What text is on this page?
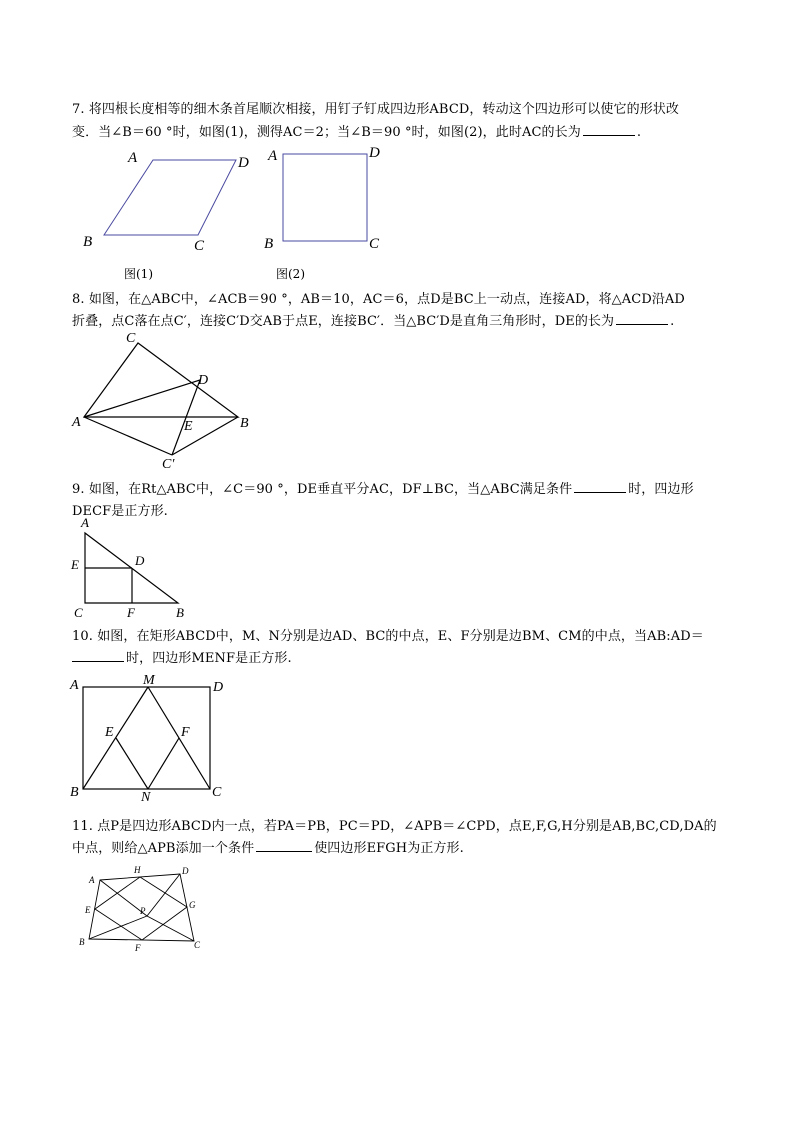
7. 将四根长度相等的细木条首尾顺次相接，用钉子钉成四边形ABCD，转动这个四边形可以使它的形状改
变．当∠B＝60 °时，如图(1)，测得AC＝2；当∠B＝90 °时，如图(2)，此时AC的长为	.
A	D
B	C
图(1)
A	D
B	C
图(2)
8. 如图，在△ABC中，∠ACB＝90 °，AB＝10，AC＝6，点D是BC上一动点，连接AD，将△ACD沿AD
折叠，点C落在点C′，连接C′D交AB于点E，连接BC′．当△BC′D是直角三角形时，DE的长为	.
C
D
A	E	B
C′
9. 如图，在Rt△ABC中，∠C＝90 °，DE垂直平分AC，DF⊥BC，当△ABC满足条件	时，四边形
DECF是正方形.
A
E	D
C	F	B
10. 如图，在矩形ABCD中，M、N分别是边AD、BC的中点，E、F分别是边BM、CM的中点，当AB:AD＝
时，四边形MENF是正方形.
A	M	D
E	F
B	N	C
11. 点P是四边形ABCD内一点，若PA＝PB，PC＝PD，∠APB＝∠CPD，点E,F,G,H分别是AB,BC,CD,DA的
中点，则给△APB添加一个条件	使四边形EFGH为正方形.
A
H	D
E	P
G
B
F	C
